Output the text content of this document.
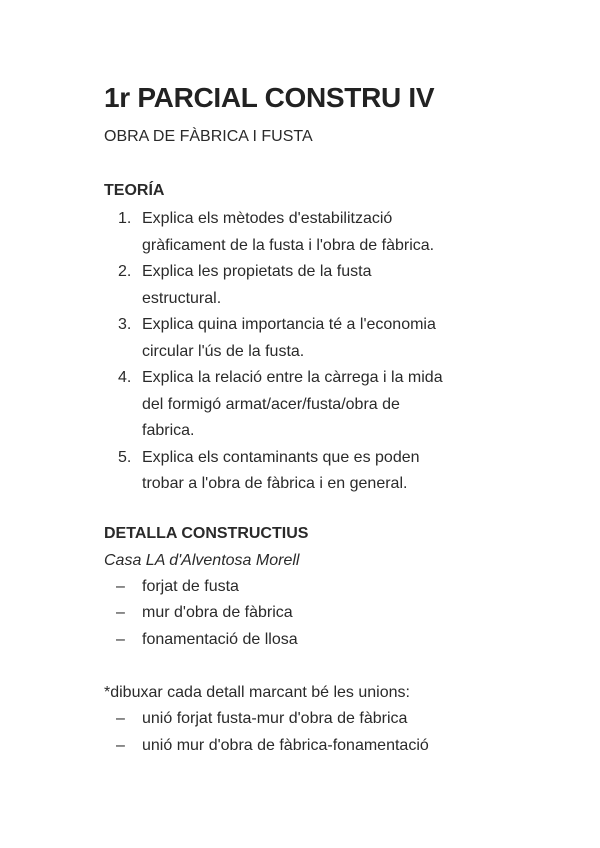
1r PARCIAL CONSTRU IV
OBRA DE FÀBRICA I FUSTA
TEORÍA
1. Explica els mètodes d'estabilització
gràficament de la fusta i l'obra de fàbrica.
2. Explica les propietats de la fusta
estructural.
3. Explica quina importancia té a l'economia
circular l'ús de la fusta.
4. Explica la relació entre la càrrega i la mida
del formigó armat/acer/fusta/obra de
fabrica.
5. Explica els contaminants que es poden
trobar a l'obra de fàbrica i en general.
DETALLA CONSTRUCTIUS
Casa LA d'Alventosa Morell
– forjat de fusta
– mur d'obra de fàbrica
– fonamentació de llosa
*dibuxar cada detall marcant bé les unions:
– unió forjat fusta-mur d'obra de fàbrica
– unió mur d'obra de fàbrica-fonamentació
